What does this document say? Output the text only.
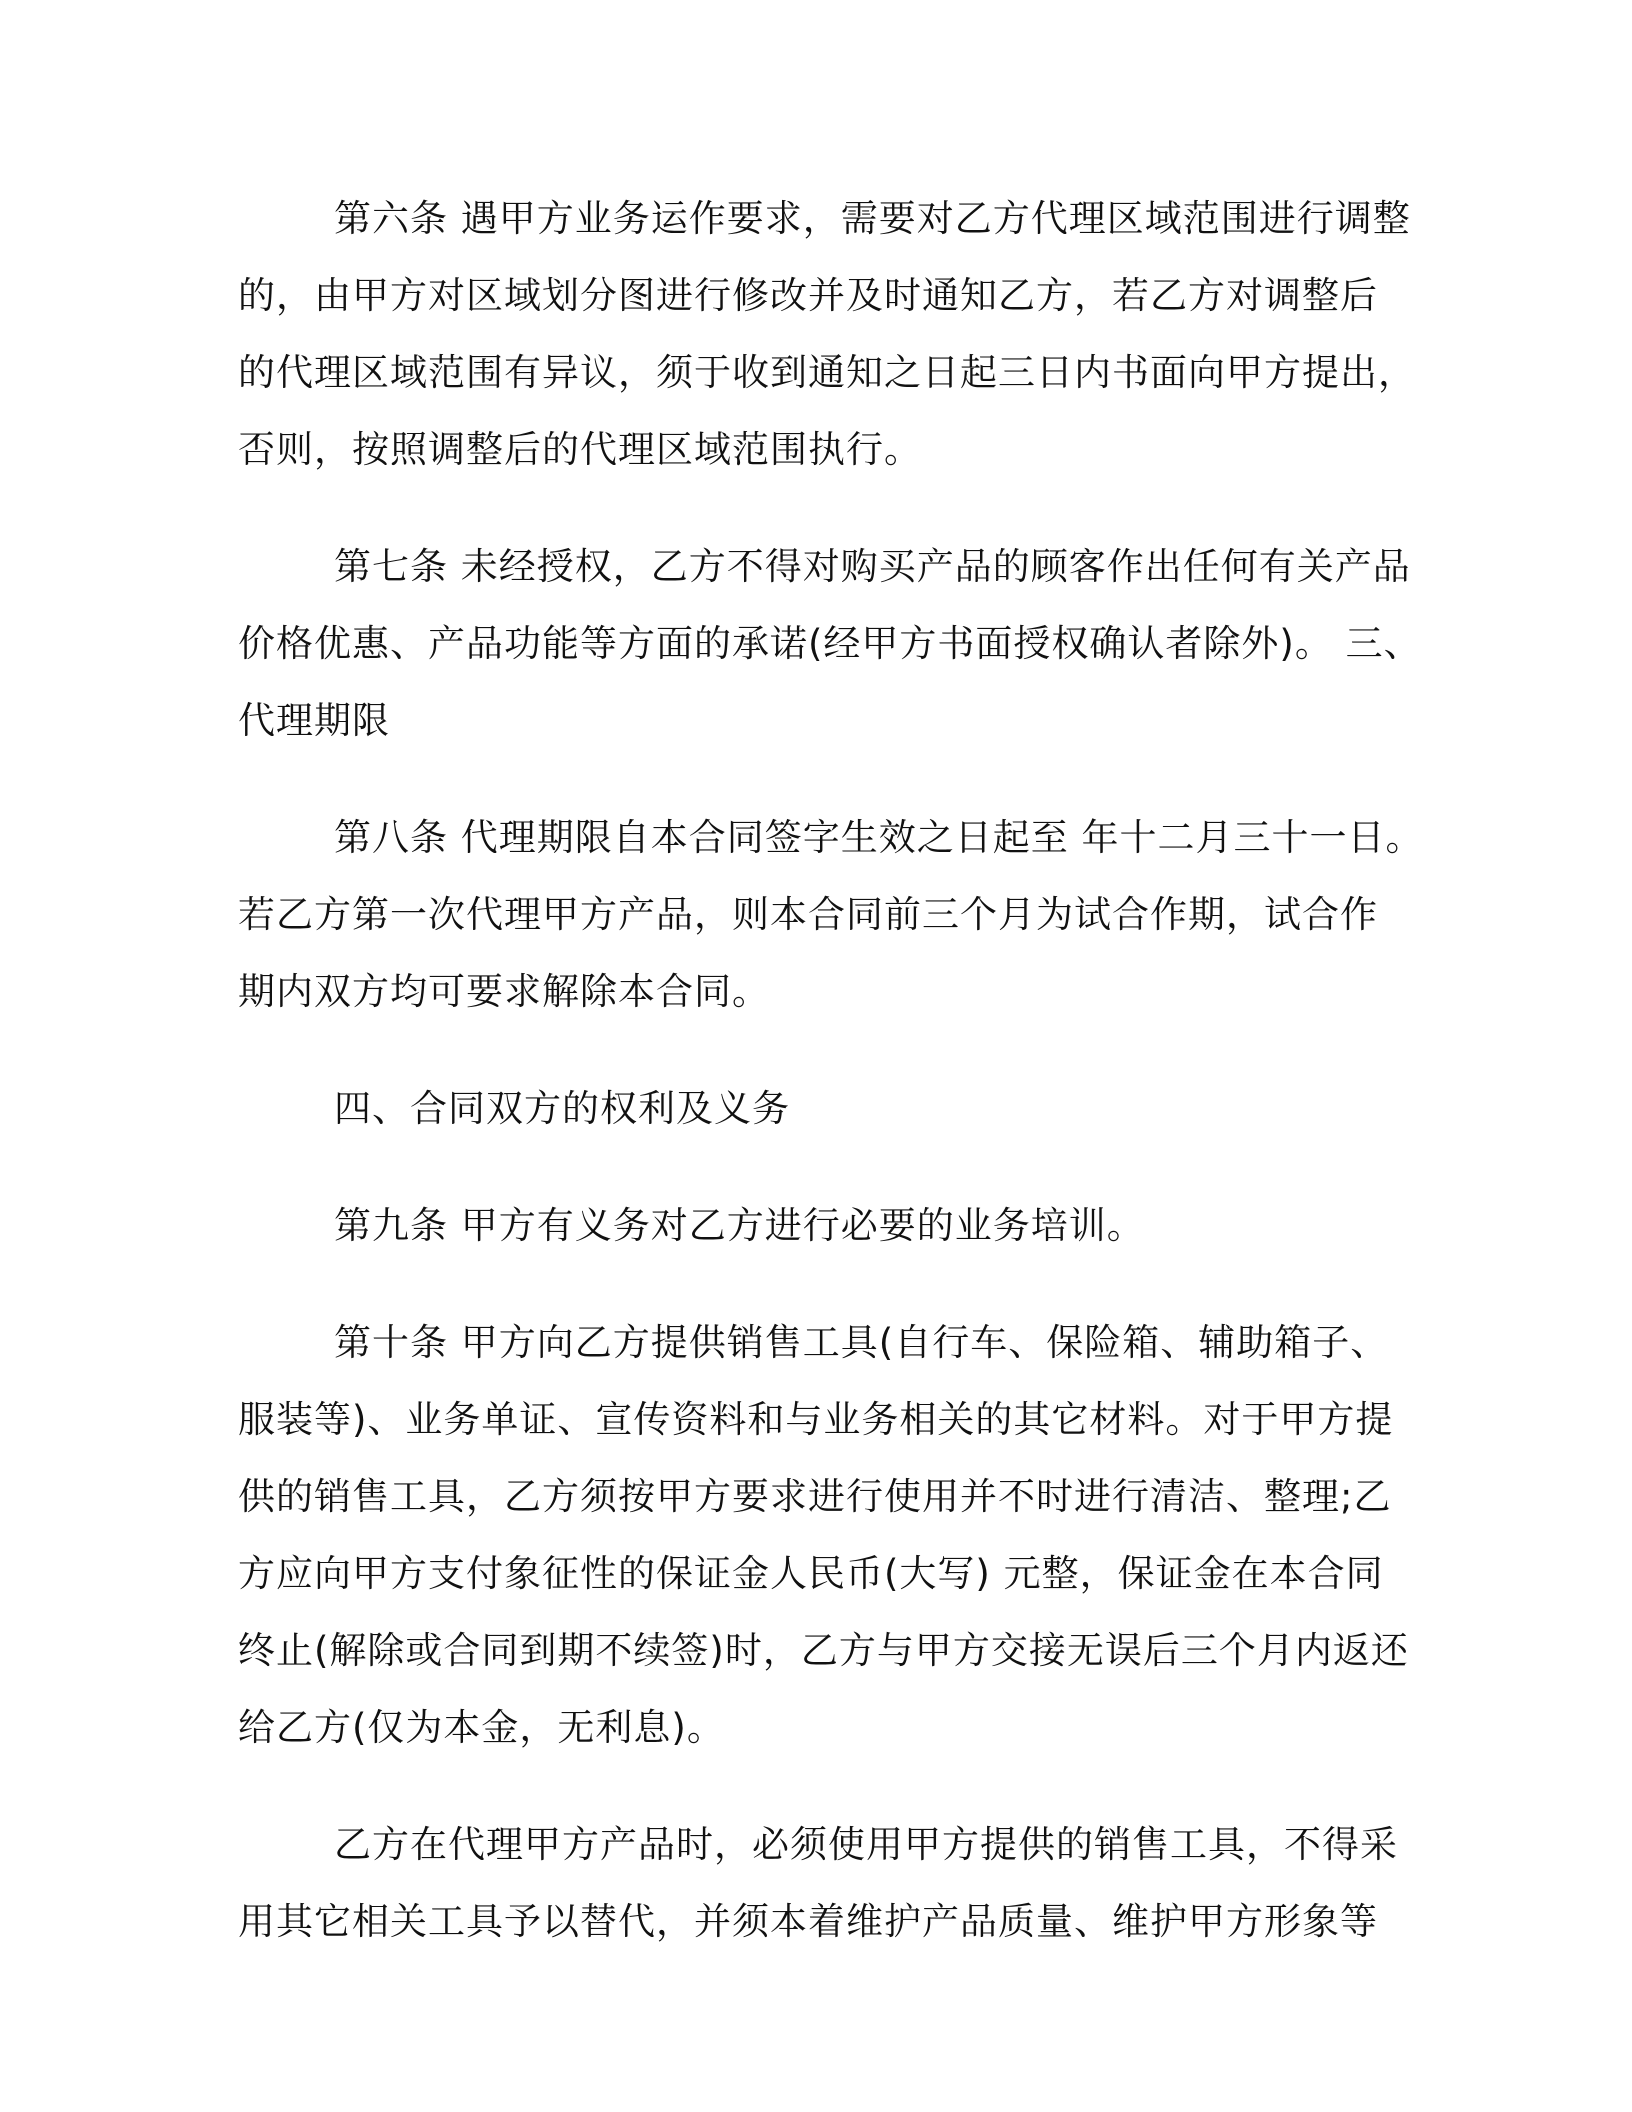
第六条 遇甲方业务运作要求，需要对乙方代理区域范围进行调整
的，由甲方对区域划分图进行修改并及时通知乙方，若乙方对调整后
的代理区域范围有异议，须于收到通知之日起三日内书面向甲方提出，
否则，按照调整后的代理区域范围执行。
第七条 未经授权，乙方不得对购买产品的顾客作出任何有关产品
价格优惠、产品功能等方面的承诺(经甲方书面授权确认者除外)。 三、
代理期限
第八条 代理期限自本合同签字生效之日起至 年十二月三十一日。
若乙方第一次代理甲方产品，则本合同前三个月为试合作期，试合作
期内双方均可要求解除本合同。
四、合同双方的权利及义务
第九条 甲方有义务对乙方进行必要的业务培训。
第十条 甲方向乙方提供销售工具(自行车、保险箱、辅助箱子、
服装等)、业务单证、宣传资料和与业务相关的其它材料。对于甲方提
供的销售工具，乙方须按甲方要求进行使用并不时进行清洁、整理;乙
方应向甲方支付象征性的保证金人民币(大写) 元整，保证金在本合同
终止(解除或合同到期不续签)时，乙方与甲方交接无误后三个月内返还
给乙方(仅为本金，无利息)。
乙方在代理甲方产品时，必须使用甲方提供的销售工具，不得采
用其它相关工具予以替代，并须本着维护产品质量、维护甲方形象等
